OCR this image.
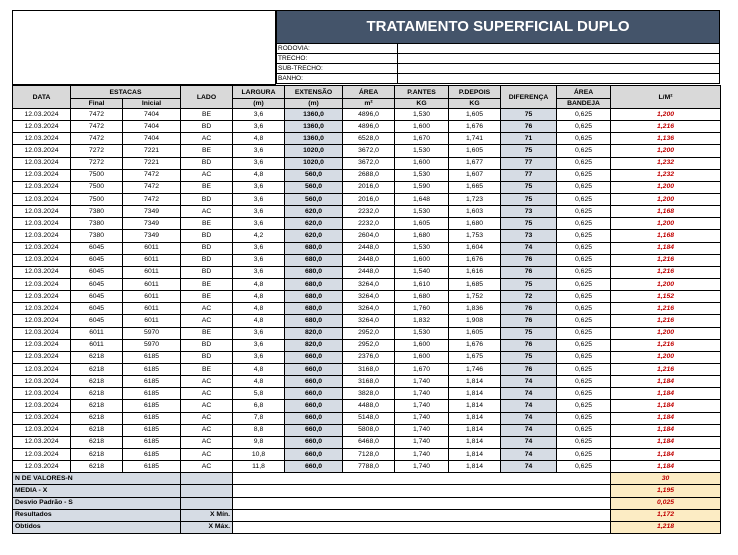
TRATAMENTO SUPERFICIAL DUPLO
RODOVIA:
TRECHO:
SUB-TRECHO:
BANHO:
DATA	ESTACAS		LADO	LARGURA	EXTENSÃO	ÁREA	P.ANTES	P.DEPOIS	DIFERENÇA	ÁREA	L/M²
	Final	Inicial		(m)	(m)	m²	KG	KG		BANDEJA	
12.03.2024	7472	7404	BE	3,6	1360,0	4896,0	1,530	1,605	75	0,625	1,200
12.03.2024	7472	7404	BD	3,6	1360,0	4896,0	1,600	1,676	76	0,625	1,216
12.03.2024	7472	7404	AC	4,8	1360,0	6528,0	1,670	1,741	71	0,625	1,136
12.03.2024	7272	7221	BE	3,6	1020,0	3672,0	1,530	1,605	75	0,625	1,200
12.03.2024	7272	7221	BD	3,6	1020,0	3672,0	1,600	1,677	77	0,625	1,232
12.03.2024	7500	7472	AC	4,8	560,0	2688,0	1,530	1,607	77	0,625	1,232
12.03.2024	7500	7472	BE	3,6	560,0	2016,0	1,590	1,665	75	0,625	1,200
12.03.2024	7500	7472	BD	3,6	560,0	2016,0	1,648	1,723	75	0,625	1,200
12.03.2024	7380	7349	AC	3,6	620,0	2232,0	1,530	1,603	73	0,625	1,168
12.03.2024	7380	7349	BE	3,6	620,0	2232,0	1,605	1,680	75	0,625	1,200
12.03.2024	7380	7349	BD	4,2	620,0	2604,0	1,680	1,753	73	0,625	1,168
12.03.2024	6045	6011	BD	3,6	680,0	2448,0	1,530	1,604	74	0,625	1,184
12.03.2024	6045	6011	BD	3,6	680,0	2448,0	1,600	1,676	76	0,625	1,216
12.03.2024	6045	6011	BD	3,6	680,0	2448,0	1,540	1,616	76	0,625	1,216
12.03.2024	6045	6011	BE	4,8	680,0	3264,0	1,610	1,685	75	0,625	1,200
12.03.2024	6045	6011	BE	4,8	680,0	3264,0	1,680	1,752	72	0,625	1,152
12.03.2024	6045	6011	AC	4,8	680,0	3264,0	1,760	1,836	76	0,625	1,216
12.03.2024	6045	6011	AC	4,8	680,0	3264,0	1,832	1,908	76	0,625	1,216
12.03.2024	6011	5970	BE	3,6	820,0	2952,0	1,530	1,605	75	0,625	1,200
12.03.2024	6011	5970	BD	3,6	820,0	2952,0	1,600	1,676	76	0,625	1,216
12.03.2024	6218	6185	BD	3,6	660,0	2376,0	1,600	1,675	75	0,625	1,200
12.03.2024	6218	6185	BE	4,8	660,0	3168,0	1,670	1,746	76	0,625	1,216
12.03.2024	6218	6185	AC	4,8	660,0	3168,0	1,740	1,814	74	0,625	1,184
12.03.2024	6218	6185	AC	5,8	660,0	3828,0	1,740	1,814	74	0,625	1,184
12.03.2024	6218	6185	AC	6,8	660,0	4488,0	1,740	1,814	74	0,625	1,184
12.03.2024	6218	6185	AC	7,8	660,0	5148,0	1,740	1,814	74	0,625	1,184
12.03.2024	6218	6185	AC	8,8	660,0	5808,0	1,740	1,814	74	0,625	1,184
12.03.2024	6218	6185	AC	9,8	660,0	6468,0	1,740	1,814	74	0,625	1,184
12.03.2024	6218	6185	AC	10,8	660,0	7128,0	1,740	1,814	74	0,625	1,184
12.03.2024	6218	6185	AC	11,8	660,0	7788,0	1,740	1,814	74	0,625	1,184
N DE VALORES-N											30
MEDIA - X											1,195
Desvio Padrão - S											0,025
Resultados			X Mín.								1,172
Obtidos			X Máx.								1,218
